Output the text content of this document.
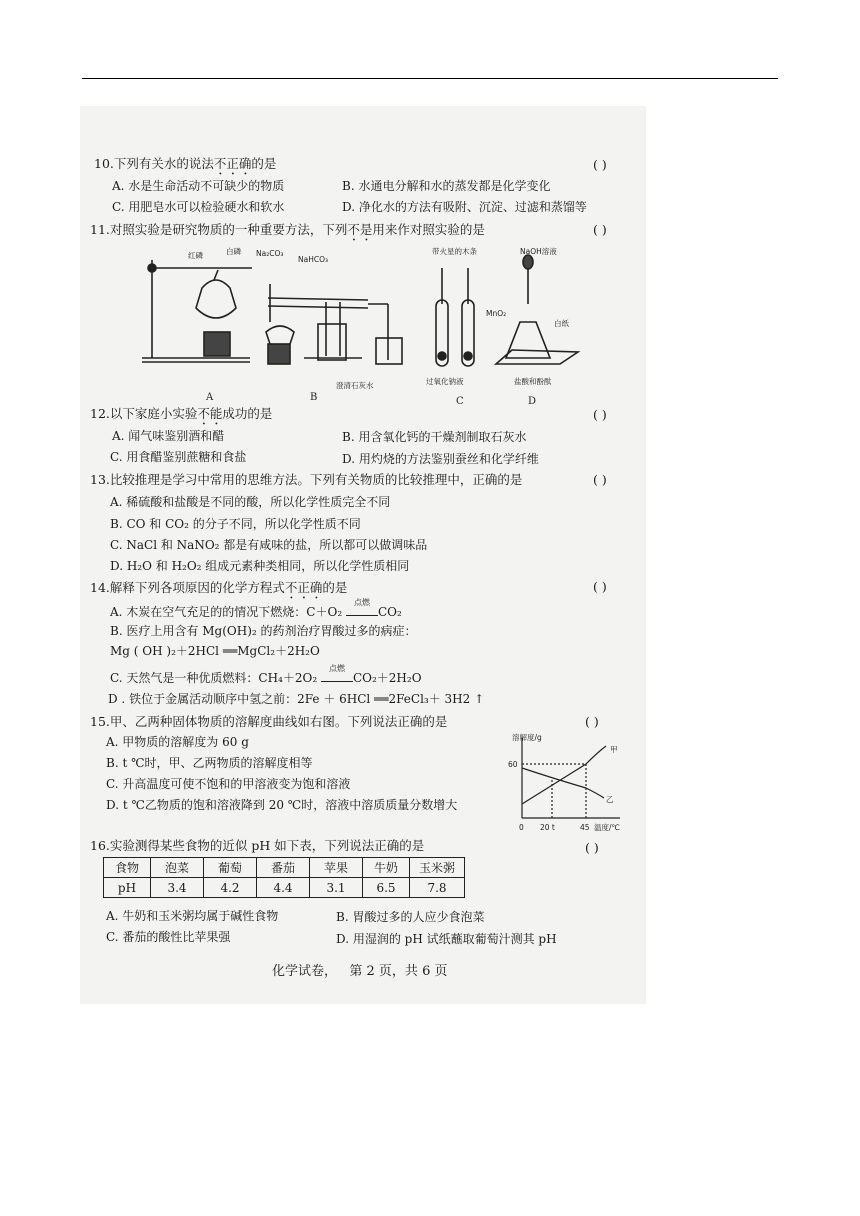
10.下列有关水的说法不正确的是	( )
A. 水是生命活动不可缺少的物质	B. 水通电分解和水的蒸发都是化学变化
C. 用肥皂水可以检验硬水和软水	D. 净化水的方法有吸附、沉淀、过滤和蒸馏等
11.对照实验是研究物质的一种重要方法，下列不是用来作对照实验的是	( )
红磷	白磷 Na₂CO₃
NaHCO₃
澄清石灰水
带火星的木条
MnO₂
过氧化钠液
NaOH溶液
白纸
盐酸和酚酞
A	B	C	D
12.以下家庭小实验不能成功的是	( )
A. 闻气味鉴别酒和醋	B. 用含氧化钙的干燥剂制取石灰水
C. 用食醋鉴别蔗糖和食盐	D. 用灼烧的方法鉴别蚕丝和化学纤维
13.比较推理是学习中常用的思维方法。下列有关物质的比较推理中，正确的是	( )
A. 稀硫酸和盐酸是不同的酸，所以化学性质完全不同
B. CO 和 CO₂ 的分子不同，所以化学性质不同
C. NaCl 和 NaNO₂ 都是有咸味的盐，所以都可以做调味品
D. H₂O 和 H₂O₂ 组成元素种类相同，所以化学性质相同
14.解释下列各项原因的化学方程式不正确的是	( )
A. 木炭在空气充足的的情况下燃烧：C＋O₂
点燃
CO₂
B. 医疗上用含有 Mg(OH)₂ 的药剂治疗胃酸过多的病症：
Mg ( OH )₂＋2HCl ══MgCl₂＋2H₂O
C. 天然气是一种优质燃料：CH₄＋2O₂
点燃
CO₂＋2H₂O
D . 铁位于金属活动顺序中氢之前：2Fe ＋ 6HCl ══2FeCl₃＋ 3H2 ↑
15.甲、乙两种固体物质的溶解度曲线如右图。下列说法正确的是	( )
A. 甲物质的溶解度为 60 g
B. t ℃时，甲、乙两物质的溶解度相等
C. 升高温度可使不饱和的甲溶液变为饱和溶液
D. t ℃乙物质的饱和溶液降到 20 ℃时，溶液中溶质质量分数增大
溶解度/g
60
甲
乙
0 20 t	45 温度/℃
16.实验测得某些食物的近似 pH 如下表，下列说法正确的是	( )
食物	泡菜	葡萄	番茄	苹果	牛奶	玉米粥
pH	3.4	4.2	4.4	3.1	6.5	7.8
A. 牛奶和玉米粥均属于碱性食物	B. 胃酸过多的人应少食泡菜
C. 番茄的酸性比苹果强	D. 用湿润的 pH 试纸蘸取葡萄汁测其 pH
化学试卷，   第 2 页，共 6 页
